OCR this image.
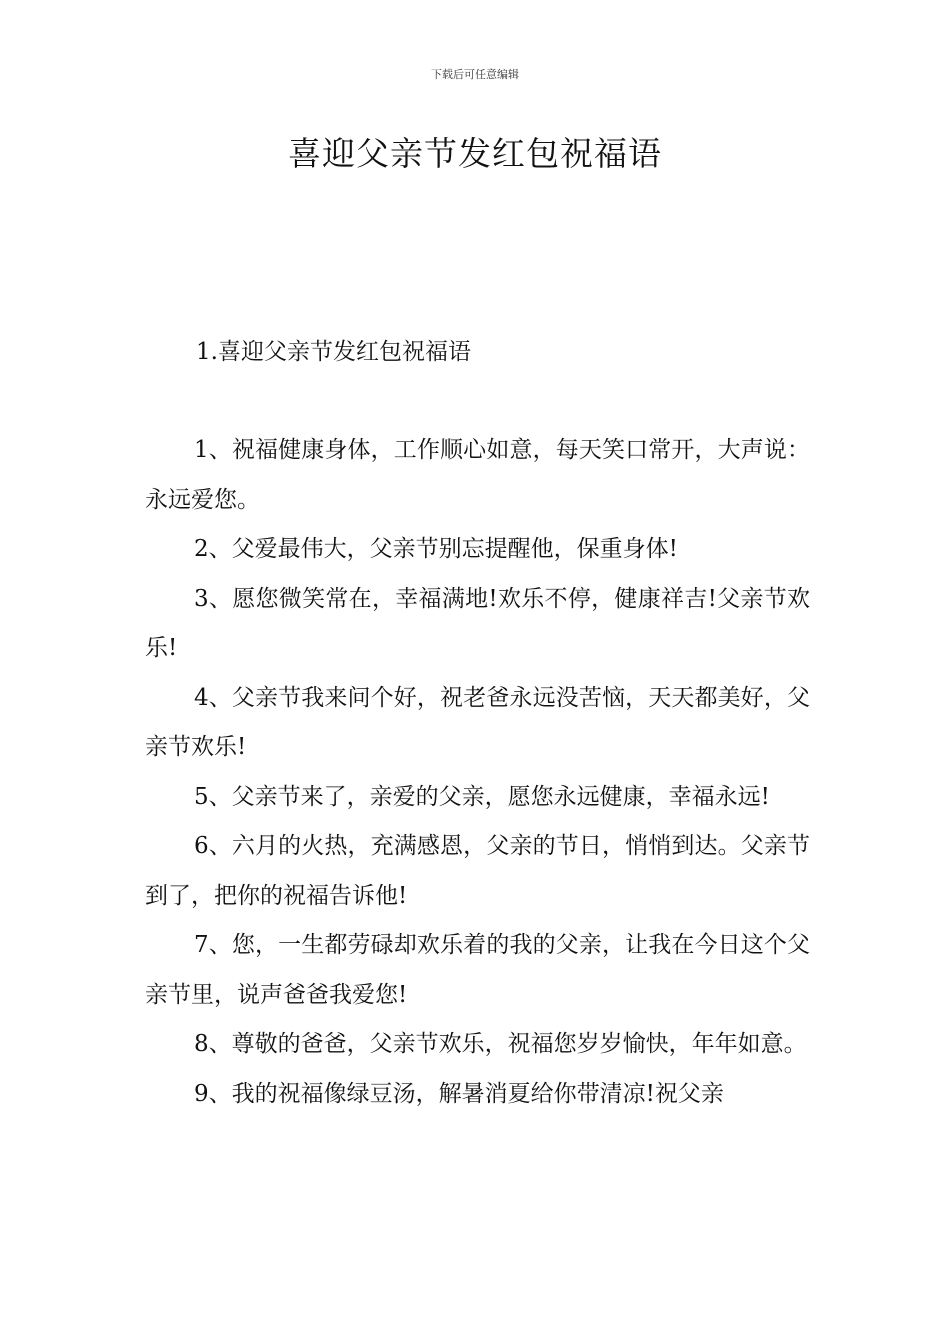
下载后可任意编辑
喜迎父亲节发红包祝福语

1.喜迎父亲节发红包祝福语

1、祝福健康身体，工作顺心如意，每天笑口常开，大声说：永远爱您。

2、父爱最伟大，父亲节别忘提醒他，保重身体!

3、愿您微笑常在，幸福满地!欢乐不停，健康祥吉!父亲节欢乐!

4、父亲节我来问个好，祝老爸永远没苦恼，天天都美好，父亲节欢乐!

5、父亲节来了，亲爱的父亲，愿您永远健康，幸福永远!

6、六月的火热，充满感恩，父亲的节日，悄悄到达。父亲节到了，把你的祝福告诉他!

7、您，一生都劳碌却欢乐着的我的父亲，让我在今日这个父亲节里，说声爸爸我爱您!

8、尊敬的爸爸，父亲节欢乐，祝福您岁岁愉快，年年如意。

9、我的祝福像绿豆汤，解暑消夏给你带清凉!祝父亲
